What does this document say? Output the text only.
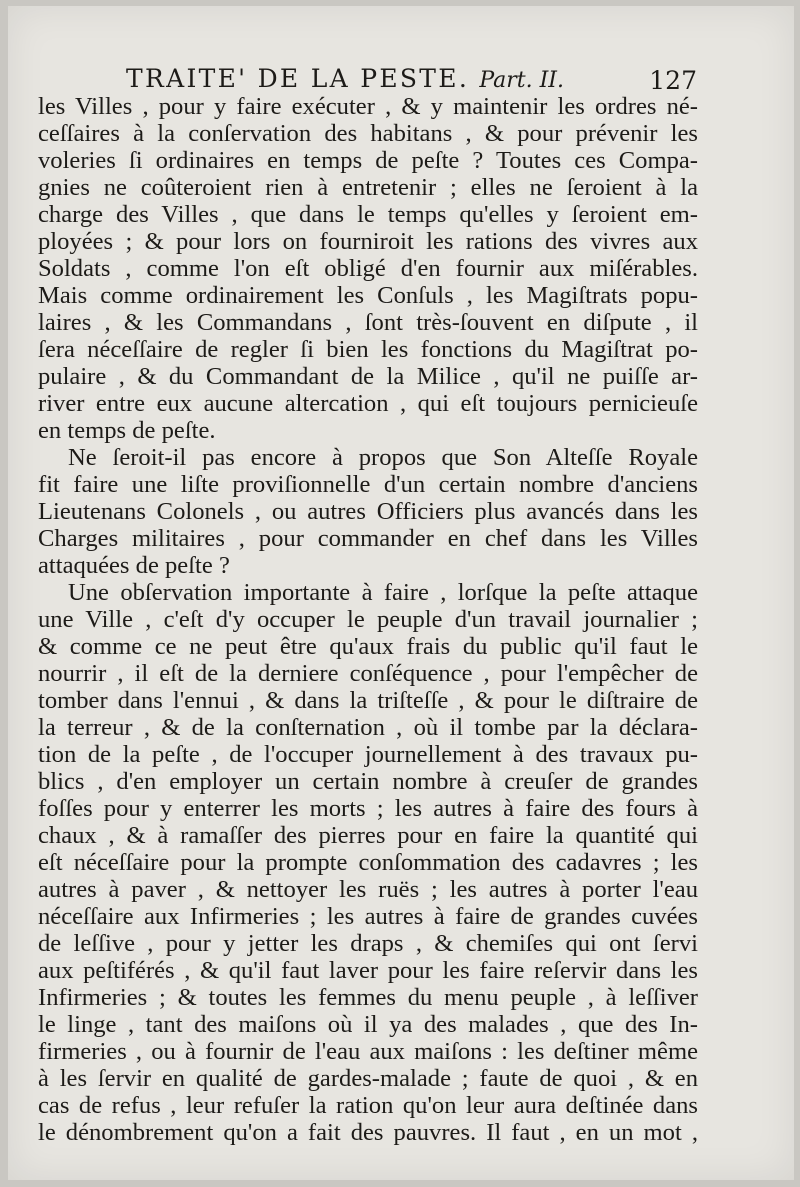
TRAITE' DE LA PESTE. Part. II.	127
les Villes , pour y faire exécuter , & y maintenir les ordres né-
ceſſaires à la conſervation des habitans , & pour prévenir les
voleries ſi ordinaires en temps de peſte ? Toutes ces Compa-
gnies ne coûteroient rien à entretenir ; elles ne ſeroient à la
charge des Villes , que dans le temps qu'elles y ſeroient em-
ployées ; & pour lors on fourniroit les rations des vivres aux
Soldats , comme l'on eſt obligé d'en fournir aux miſérables.
Mais comme ordinairement les Conſuls , les Magiſtrats popu-
laires , & les Commandans , ſont très-ſouvent en diſpute , il
ſera néceſſaire de regler ſi bien les fonctions du Magiſtrat po-
pulaire , & du Commandant de la Milice , qu'il ne puiſſe ar-
river entre eux aucune altercation , qui eſt toujours pernicieuſe
en temps de peſte.
Ne ſeroit-il pas encore à propos que Son Alteſſe Royale
fit faire une liſte proviſionnelle d'un certain nombre d'anciens
Lieutenans Colonels , ou autres Officiers plus avancés dans les
Charges militaires , pour commander en chef dans les Villes
attaquées de peſte ?
Une obſervation importante à faire , lorſque la peſte attaque
une Ville , c'eſt d'y occuper le peuple d'un travail journalier ;
& comme ce ne peut être qu'aux frais du public qu'il faut le
nourrir , il eſt de la derniere conſéquence , pour l'empêcher de
tomber dans l'ennui , & dans la triſteſſe , & pour le diſtraire de
la terreur , & de la conſternation , où il tombe par la déclara-
tion de la peſte , de l'occuper journellement à des travaux pu-
blics , d'en employer un certain nombre à creuſer de grandes
foſſes pour y enterrer les morts ; les autres à faire des fours à
chaux , & à ramaſſer des pierres pour en faire la quantité qui
eſt néceſſaire pour la prompte conſommation des cadavres ; les
autres à paver , & nettoyer les ruës ; les autres à porter l'eau
néceſſaire aux Infirmeries ; les autres à faire de grandes cuvées
de leſſive , pour y jetter les draps , & chemiſes qui ont ſervi
aux peſtiférés , & qu'il faut laver pour les faire reſervir dans les
Infirmeries ; & toutes les femmes du menu peuple , à leſſiver
le linge , tant des maiſons où il ya des malades , que des In-
firmeries , ou à fournir de l'eau aux maiſons : les deſtiner même
à les ſervir en qualité de gardes-malade ; faute de quoi , & en
cas de refus , leur refuſer la ration qu'on leur aura deſtinée dans
le dénombrement qu'on a fait des pauvres. Il faut , en un mot ,
